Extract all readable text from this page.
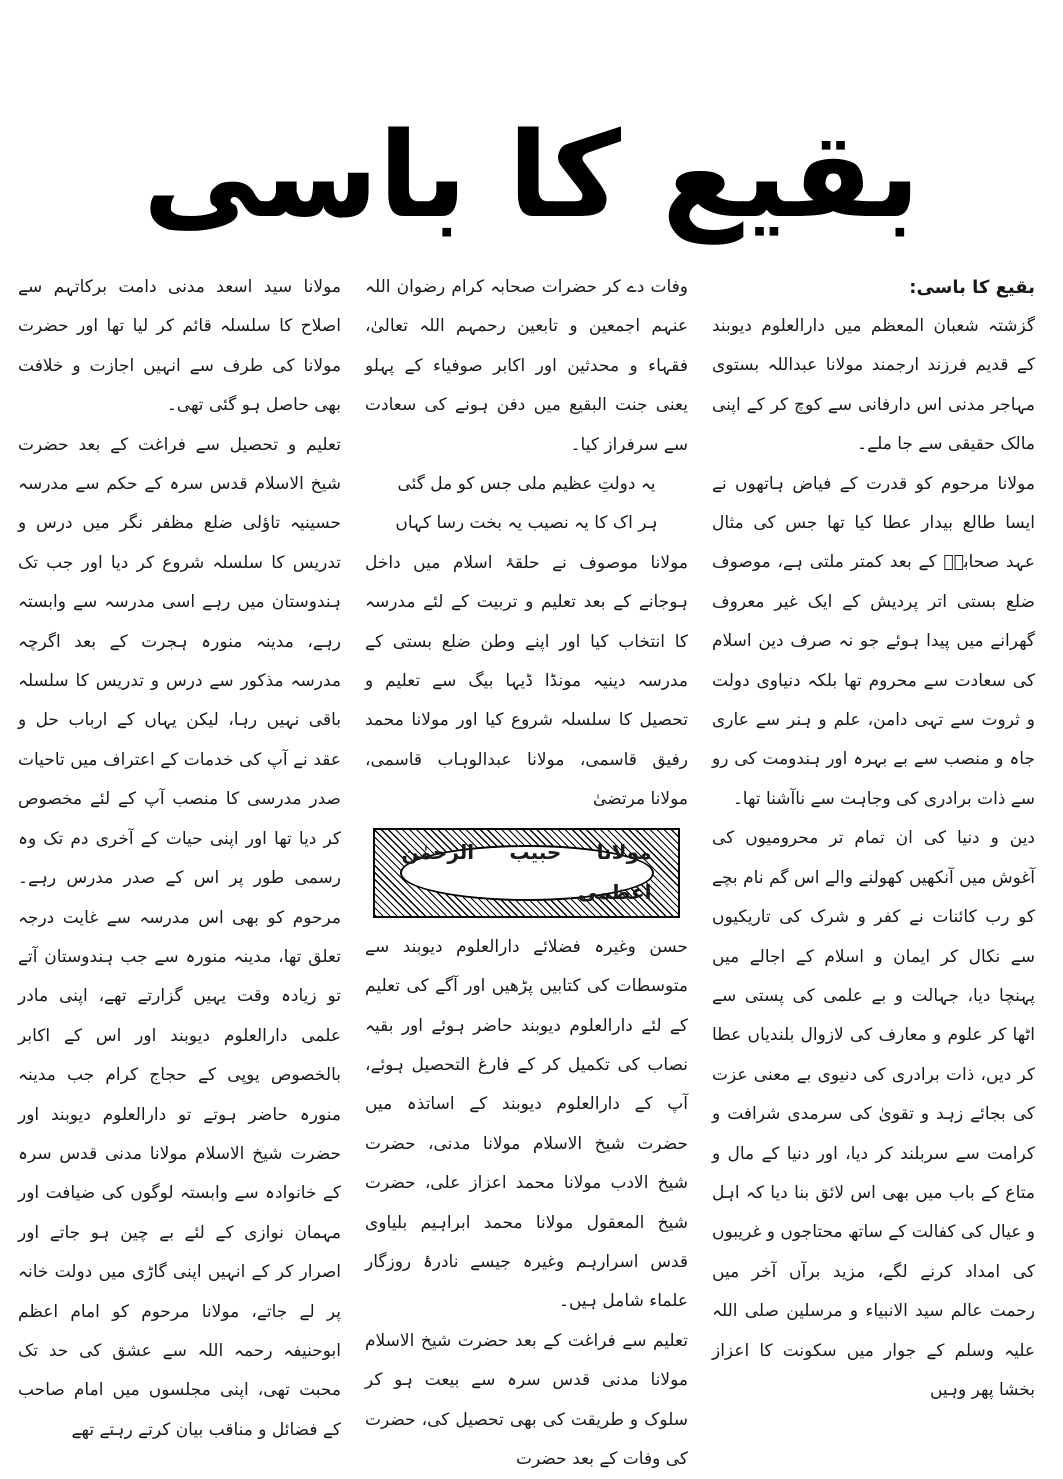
بقیع کا باسی

بقیع کا باسی:

گزشتہ شعبان المعظم میں دارالعلوم دیوبند کے قدیم فرزند ارجمند مولانا عبداللہ بستوی مہاجر مدنی اس دارفانی سے کوچ کر کے اپنی مالک حقیقی سے جا ملے۔

مولانا مرحوم کو قدرت کے فیاض ہاتھوں نے ایسا طالع بیدار عطا کیا تھا جس کی مثال عہد صحابہؓ کے بعد کمتر ملتی ہے، موصوف ضلع بستی اتر پردیش کے ایک غیر معروف گھرانے میں پیدا ہوئے جو نہ صرف دین اسلام کی سعادت سے محروم تھا بلکہ دنیاوی دولت و ثروت سے تہی دامن، علم و ہنر سے عاری جاہ و منصب سے بے بہرہ اور ہندومت کی رو سے ذات برادری کی وجاہت سے ناآشنا تھا۔

دین و دنیا کی ان تمام تر محرومیوں کی آغوش میں آنکھیں کھولنے والے اس گم نام بچے کو رب کائنات نے کفر و شرک کی تاریکیوں سے نکال کر ایمان و اسلام کے اجالے میں پہنچا دیا، جہالت و بے علمی کی پستی سے اٹھا کر علوم و معارف کی لازوال بلندیاں عطا کر دیں، ذات برادری کی دنیوی بے معنی عزت کی بجائے زہد و تقویٰ کی سرمدی شرافت و کرامت سے سربلند کر دیا، اور دنیا کے مال و متاع کے باب میں بھی اس لائق بنا دیا کہ اہل و عیال کی کفالت کے ساتھ محتاجوں و غریبوں کی امداد کرنے لگے، مزید برآں آخر میں رحمت عالم سید الانبیاء و مرسلین صلی اللہ علیہ وسلم کے جوار میں سکونت کا اعزاز بخشا پھر وہیں

وفات دے کر حضرات صحابہ کرام رضوان اللہ عنہم اجمعین و تابعین رحمہم اللہ تعالیٰ، فقہاء و محدثین اور اکابر صوفیاء کے پہلو یعنی جنت البقیع میں دفن ہونے کی سعادت سے سرفراز کیا۔

یہ دولتِ عظیم ملی جس کو مل گئی

ہر اک کا یہ نصیب یہ بخت رسا کہاں

مولانا موصوف نے حلقۂ اسلام میں داخل ہوجانے کے بعد تعلیم و تربیت کے لئے مدرسہ کا انتخاب کیا اور اپنے وطن ضلع بستی کے مدرسہ دینیہ مونڈا ڈیہا بیگ سے تعلیم و تحصیل کا سلسلہ شروع کیا اور مولانا محمد رفیق قاسمی، مولانا عبدالوہاب قاسمی، مولانا مرتضیٰ

مولانا حبیب الرحمٰن اعظمی

حسن وغیرہ فضلائے دارالعلوم دیوبند سے متوسطات کی کتابیں پڑھیں اور آگے کی تعلیم کے لئے دارالعلوم دیوبند حاضر ہوئے اور بقیہ نصاب کی تکمیل کر کے فارغ التحصیل ہوئے، آپ کے دارالعلوم دیوبند کے اساتذہ میں حضرت شیخ الاسلام مولانا مدنی، حضرت شیخ الادب مولانا محمد اعزاز علی، حضرت شیخ المعقول مولانا محمد ابراہیم بلیاوی قدس اسرارہم وغیرہ جیسے نادرۂ روزگار علماء شامل ہیں۔

تعلیم سے فراغت کے بعد حضرت شیخ الاسلام مولانا مدنی قدس سرہ سے بیعت ہو کر سلوک و طریقت کی بھی تحصیل کی، حضرت کی وفات کے بعد حضرت

مولانا سید اسعد مدنی دامت برکاتہم سے اصلاح کا سلسلہ قائم کر لیا تھا اور حضرت مولانا کی طرف سے انہیں اجازت و خلافت بھی حاصل ہو گئی تھی۔

تعلیم و تحصیل سے فراغت کے بعد حضرت شیخ الاسلام قدس سرہ کے حکم سے مدرسہ حسینیہ تاؤلی ضلع مظفر نگر میں درس و تدریس کا سلسلہ شروع کر دیا اور جب تک ہندوستان میں رہے اسی مدرسہ سے وابستہ رہے، مدینہ منورہ ہجرت کے بعد اگرچہ مدرسہ مذکور سے درس و تدریس کا سلسلہ باقی نہیں رہا، لیکن یہاں کے ارباب حل و عقد نے آپ کی خدمات کے اعتراف میں تاحیات صدر مدرسی کا منصب آپ کے لئے مخصوص کر دیا تھا اور اپنی حیات کے آخری دم تک وہ رسمی طور پر اس کے صدر مدرس رہے۔ مرحوم کو بھی اس مدرسہ سے غایت درجہ تعلق تھا، مدینہ منورہ سے جب ہندوستان آتے تو زیادہ وقت یہیں گزارتے تھے، اپنی مادر علمی دارالعلوم دیوبند اور اس کے اکابر بالخصوص یوپی کے حجاج کرام جب مدینہ منورہ حاضر ہوتے تو دارالعلوم دیوبند اور حضرت شیخ الاسلام مولانا مدنی قدس سرہ کے خانوادہ سے وابستہ لوگوں کی ضیافت اور مہمان نوازی کے لئے بے چین ہو جاتے اور اصرار کر کے انہیں اپنی گاڑی میں دولت خانہ پر لے جاتے، مولانا مرحوم کو امام اعظم ابوحنیفہ رحمہ اللہ سے عشق کی حد تک محبت تھی، اپنی مجلسوں میں امام صاحب کے فضائل و مناقب بیان کرتے رہتے تھے
